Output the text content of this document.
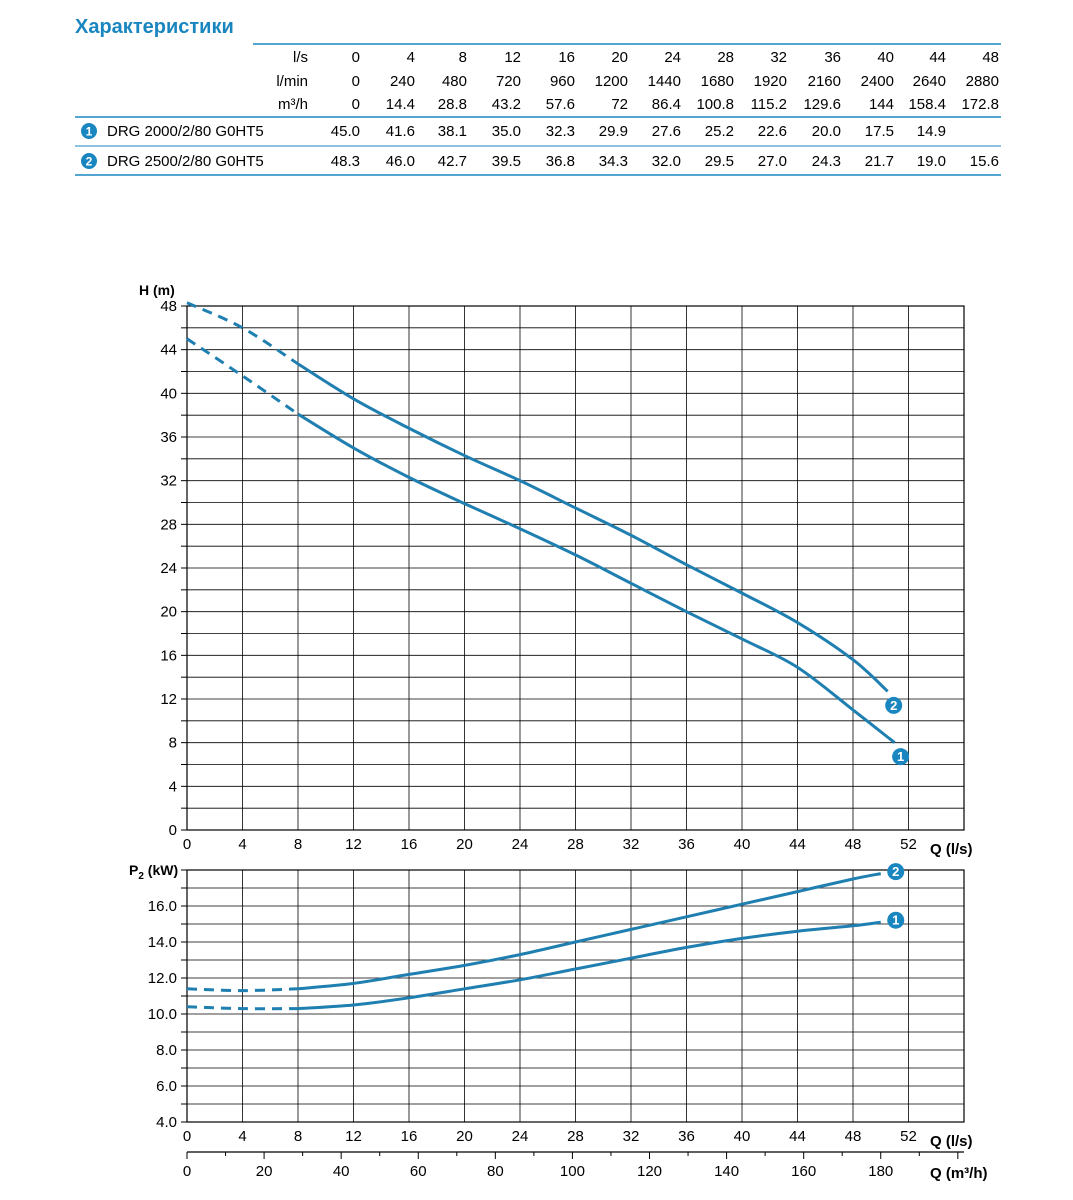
Характеристики
l/s	0	4	8 12 16 20 24 28 32 36 40 44 48
l/min	0 240 480 720 960 1200 1440 1680 1920 2160 2400 2640 2880
m³/h	0 14.4 28.8 43.2 57.6 72 86.4 100.8 115.2 129.6 144 158.4 172.8
1 DRG 2000/2/80 G0HT5	45.0 41.6 38.1 35.0 32.3 29.9 27.6 25.2 22.6 20.0 17.5 14.9
2 DRG 2500/2/80 G0HT5	48.3 46.0 42.7 39.5 36.8 34.3 32.0 29.5 27.0 24.3 21.7 19.0 15.6
0
4
8
12
16
20
24
28
32
36
40
44
48
0	4	8	12	16	20	24	28	32	36	40	44	48	52
H (m)
Q (l/s)
1
2
4.0
6.0
8.0
10.0
12.0
14.0
16.0
0	4	8	12	16	20	24	28	32	36	40	44	48	52
$P_2$ (kW)
Q (l/s)
0	20	40	60	80	100	120	140	160	180 Q (m³/h)
1
2
